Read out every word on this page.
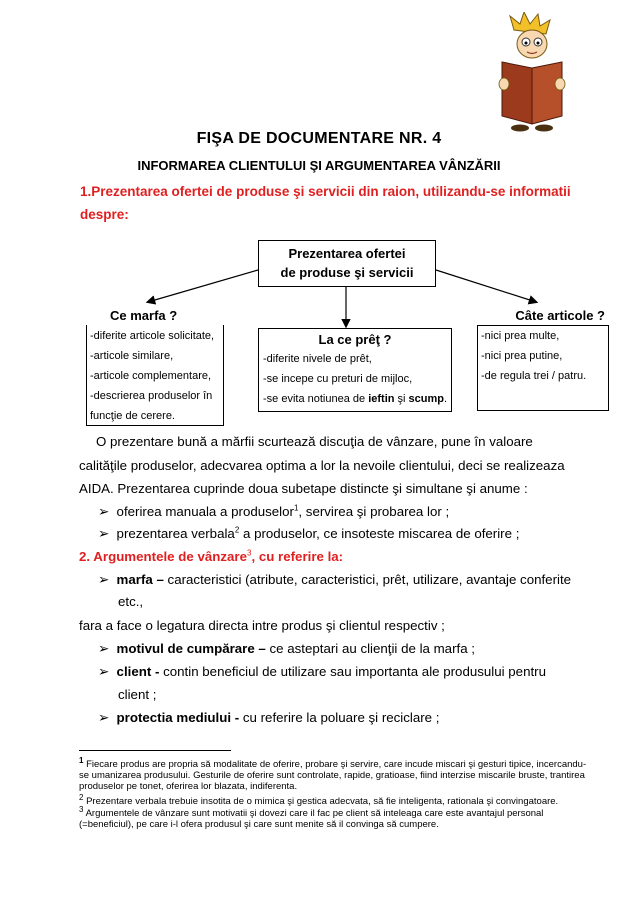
FIŞA DE DOCUMENTARE NR. 4
INFORMAREA CLIENTULUI ŞI ARGUMENTAREA VÂNZĂRII
1.Prezentarea ofertei de produse şi servicii din raion, utilizandu-se informatii
despre:
Prezentarea ofertei
de produse şi servicii
Ce marfa ?
-diferite articole solicitate,
-articole similare,
-articole complementare,
-descrierea produselor în
funcţie de cerere.
La ce prêţ ?
-diferite nivele de prêt,
-se incepe cu preturi de mijloc,
-se evita notiunea de ieftin şi scump.
Câte articole ?
-nici prea multe,
-nici prea putine,
-de regula trei / patru.
O prezentare bună a mărfii scurtează discuţia de vânzare, pune în valoare
calităţile produselor, adecvarea optima a lor la nevoile clientului, deci se realizeaza
AIDA. Prezentarea cuprinde doua subetape distincte şi simultane şi anume :
➢ oferirea manuala a produselor$^1$, servirea şi probarea lor ;
➢ prezentarea verbala$^2$ a produselor, ce insoteste miscarea de oferire ;
2. Argumentele de vânzare$^3$, cu referire la:
➢ marfa – caracteristici (atribute, caracteristici, prêt, utilizare, avantaje conferite
etc.,
fara a face o legatura directa intre produs şi clientul respectiv ;
➢ motivul de cumpărare – ce asteptari au clienţii de la marfa ;
➢ client - contin beneficiul de utilizare sau importanta ale produsului pentru
client ;
➢ protectia mediului - cu referire la poluare şi reciclare ;
$^1$ Fiecare produs are propria să modalitate de oferire, probare şi servire, care incude miscari şi gesturi tipice, incercandu-se umanizarea produsului. Gesturile de oferire sunt controlate, rapide, gratioase, fiind interzise miscarile bruste, trantirea produselor pe tonet, oferirea lor blazata, indiferenta.
$^2$ Prezentare verbala trebuie insotita de o mimica şi gestica adecvata, să fie inteligenta, rationala şi convingatoare.
$^3$ Argumentele de vânzare sunt motivatii şi dovezi care il fac pe client să inteleaga care este avantajul personal (=beneficiul), pe care i-l ofera produsul şi care sunt menite să il convinga să cumpere.
